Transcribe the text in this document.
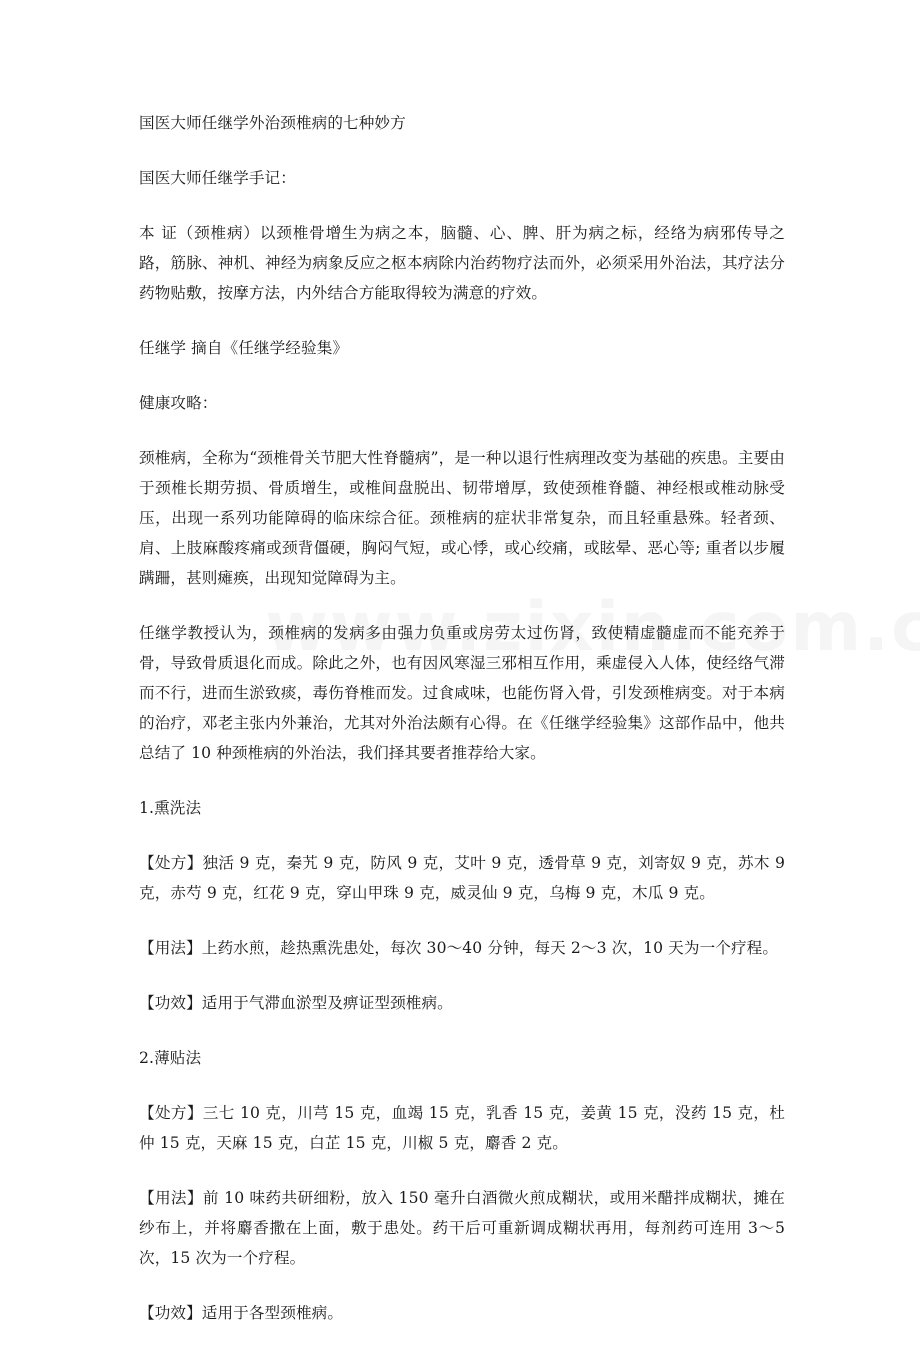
国医大师任继学外治颈椎病的七种妙方

国医大师任继学手记：

本 证（颈椎病）以颈椎骨增生为病之本，脑髓、心、脾、肝为病之标，经络为病邪传导之路，筋脉、神机、神经为病象反应之枢本病除内治药物疗法而外，必须采用外治法，其疗法分药物贴敷，按摩方法，内外结合方能取得较为满意的疗效。

任继学 摘自《任继学经验集》

健康攻略：

颈椎病，全称为“颈椎骨关节肥大性脊髓病”，是一种以退行性病理改变为基础的疾患。主要由于颈椎长期劳损、骨质增生，或椎间盘脱出、韧带增厚，致使颈椎脊髓、神经根或椎动脉受压，出现一系列功能障碍的临床综合征。颈椎病的症状非常复杂，而且轻重悬殊。轻者颈、肩、上肢麻酸疼痛或颈背僵硬，胸闷气短，或心悸，或心绞痛，或眩晕、恶心等; 重者以步履蹒跚，甚则瘫痪，出现知觉障碍为主。

任继学教授认为，颈椎病的发病多由强力负重或房劳太过伤肾，致使精虚髓虚而不能充养于骨，导致骨质退化而成。除此之外，也有因风寒湿三邪相互作用，乘虚侵入人体，使经络气滞而不行，进而生淤致痰，毒伤脊椎而发。过食咸味，也能伤肾入骨，引发颈椎病变。对于本病的治疗，邓老主张内外兼治，尤其对外治法颇有心得。在《任继学经验集》这部作品中，他共总结了 10 种颈椎病的外治法，我们择其要者推荐给大家。

1.熏洗法

【处方】独活 9 克，秦艽 9 克，防风 9 克，艾叶 9 克，透骨草 9 克，刘寄奴 9 克，苏木 9 克，赤芍 9 克，红花 9 克，穿山甲珠 9 克，威灵仙 9 克，乌梅 9 克，木瓜 9 克。

【用法】上药水煎，趁热熏洗患处，每次 30～40 分钟，每天 2～3 次，10 天为一个疗程。

【功效】适用于气滞血淤型及痹证型颈椎病。

2.薄贴法

【处方】三七 10 克，川芎 15 克，血竭 15 克，乳香 15 克，姜黄 15 克，没药 15 克，杜仲 15 克，天麻 15 克，白芷 15 克，川椒 5 克，麝香 2 克。

【用法】前 10 味药共研细粉，放入 150 毫升白酒微火煎成糊状，或用米醋拌成糊状，摊在纱布上，并将麝香撒在上面，敷于患处。药干后可重新调成糊状再用，每剂药可连用 3～5 次，15 次为一个疗程。

【功效】适用于各型颈椎病。
